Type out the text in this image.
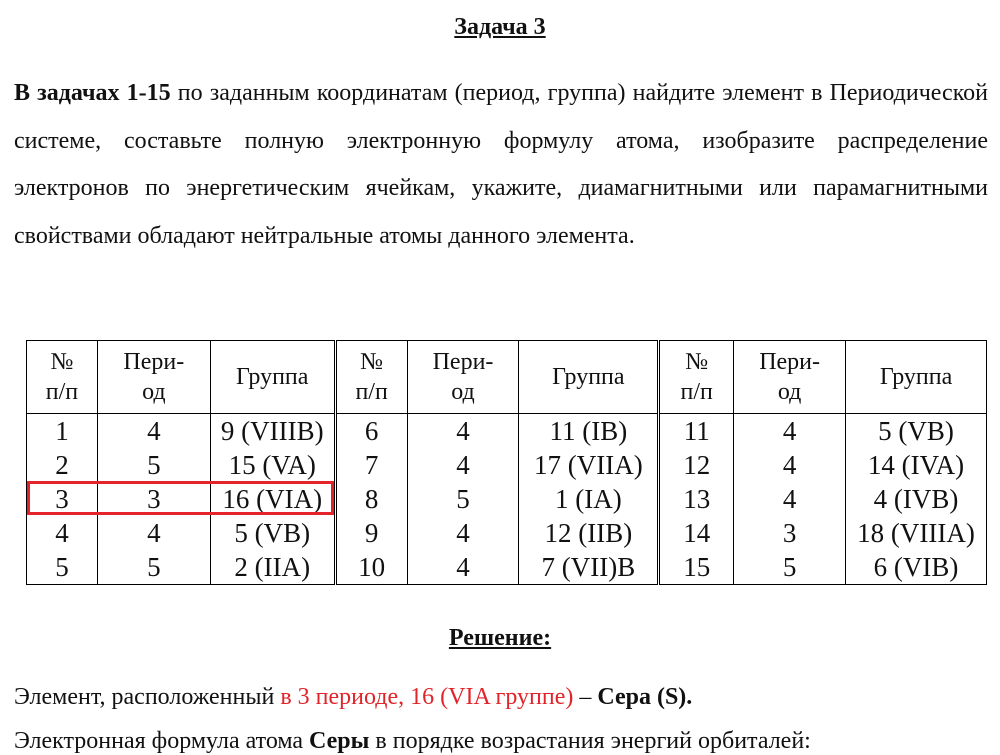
Задача 3
В задачах 1-15 по заданным координатам (период, группа) найдите элемент в Периодической системе, составьте полную электронную формулу атома, изобразите распределение электронов по энергетическим ячейкам, укажите, диамагнитными или парамагнитными свойствами обладают нейтральные атомы данного элемента.
№
п/п	Пери-
од	Группа	№
п/п	Пери-
од	Группа	№
п/п	Пери-
од	Группа
1	4	9 (VIIIB)	6	4	11 (IB)	11	4	5 (VB)
2	5	15 (VA)	7	4	17 (VIIA)	12	4	14 (IVA)
3	3	16 (VIA)	8	5	1 (IA)	13	4	4 (IVB)
4	4	5 (VB)	9	4	12 (IIB)	14	3	18 (VIIIA)
5	5	2 (IIA)	10	4	7 (VII)B	15	5	6 (VIB)
Решение:
Элемент, расположенный в 3 периоде, 16 (VIA группе) – Сера (S).
Электронная формула атома Серы в порядке возрастания энергий орбиталей:
